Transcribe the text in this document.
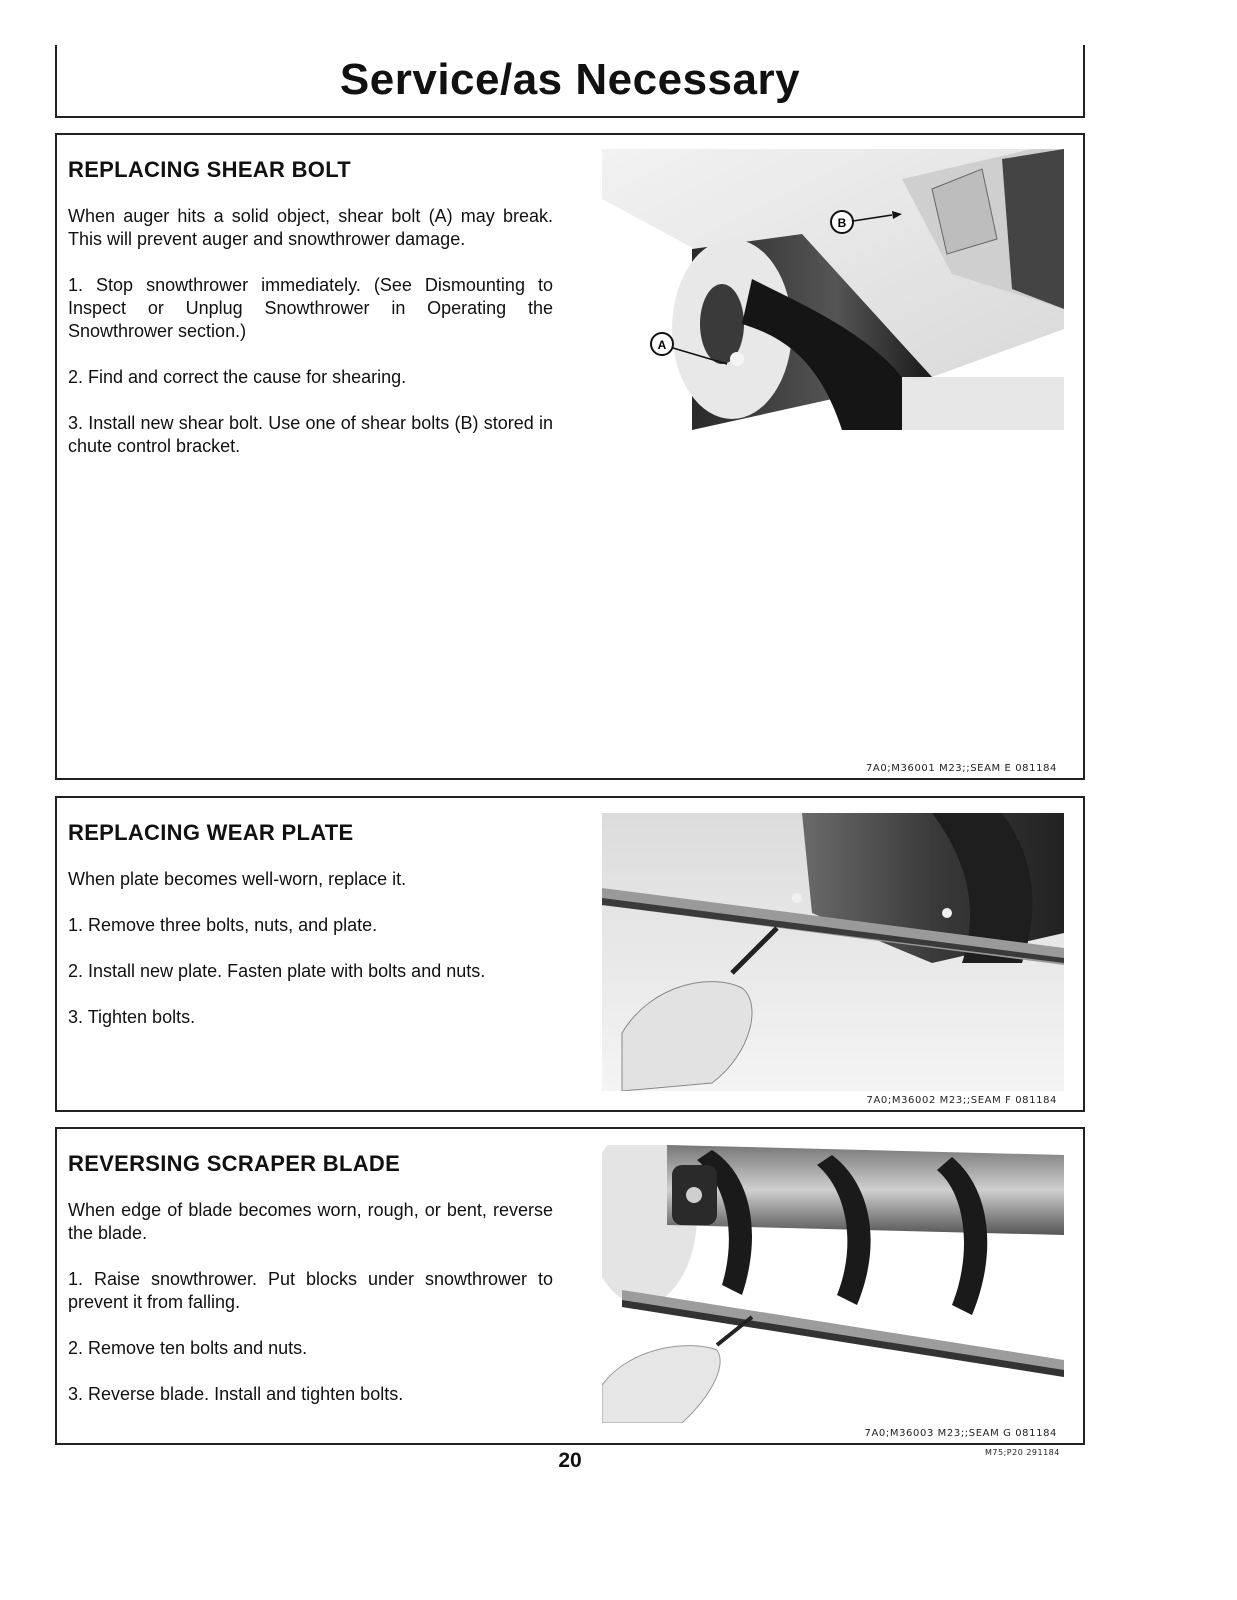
Service/as Necessary
REPLACING SHEAR BOLT

When auger hits a solid object, shear bolt (A) may break. This will prevent auger and snowthrower damage.

1. Stop snowthrower immediately. (See Dismounting to Inspect or Unplug Snowthrower in Operating the Snowthrower section.)

2. Find and correct the cause for shearing.

3. Install new shear bolt. Use one of shear bolts (B) stored in chute control bracket.

B
A
7A0;M36001 M23;;SEAM E 081184
REPLACING WEAR PLATE

When plate becomes well-worn, replace it.

1. Remove three bolts, nuts, and plate.

2. Install new plate. Fasten plate with bolts and nuts.

3. Tighten bolts.

7A0;M36002 M23;;SEAM F 081184
REVERSING SCRAPER BLADE

When edge of blade becomes worn, rough, or bent, reverse the blade.

1. Raise snowthrower. Put blocks under snowthrower to prevent it from falling.

2. Remove ten bolts and nuts.

3. Reverse blade. Install and tighten bolts.

7A0;M36003 M23;;SEAM G 081184
20	M75;P20 291184
